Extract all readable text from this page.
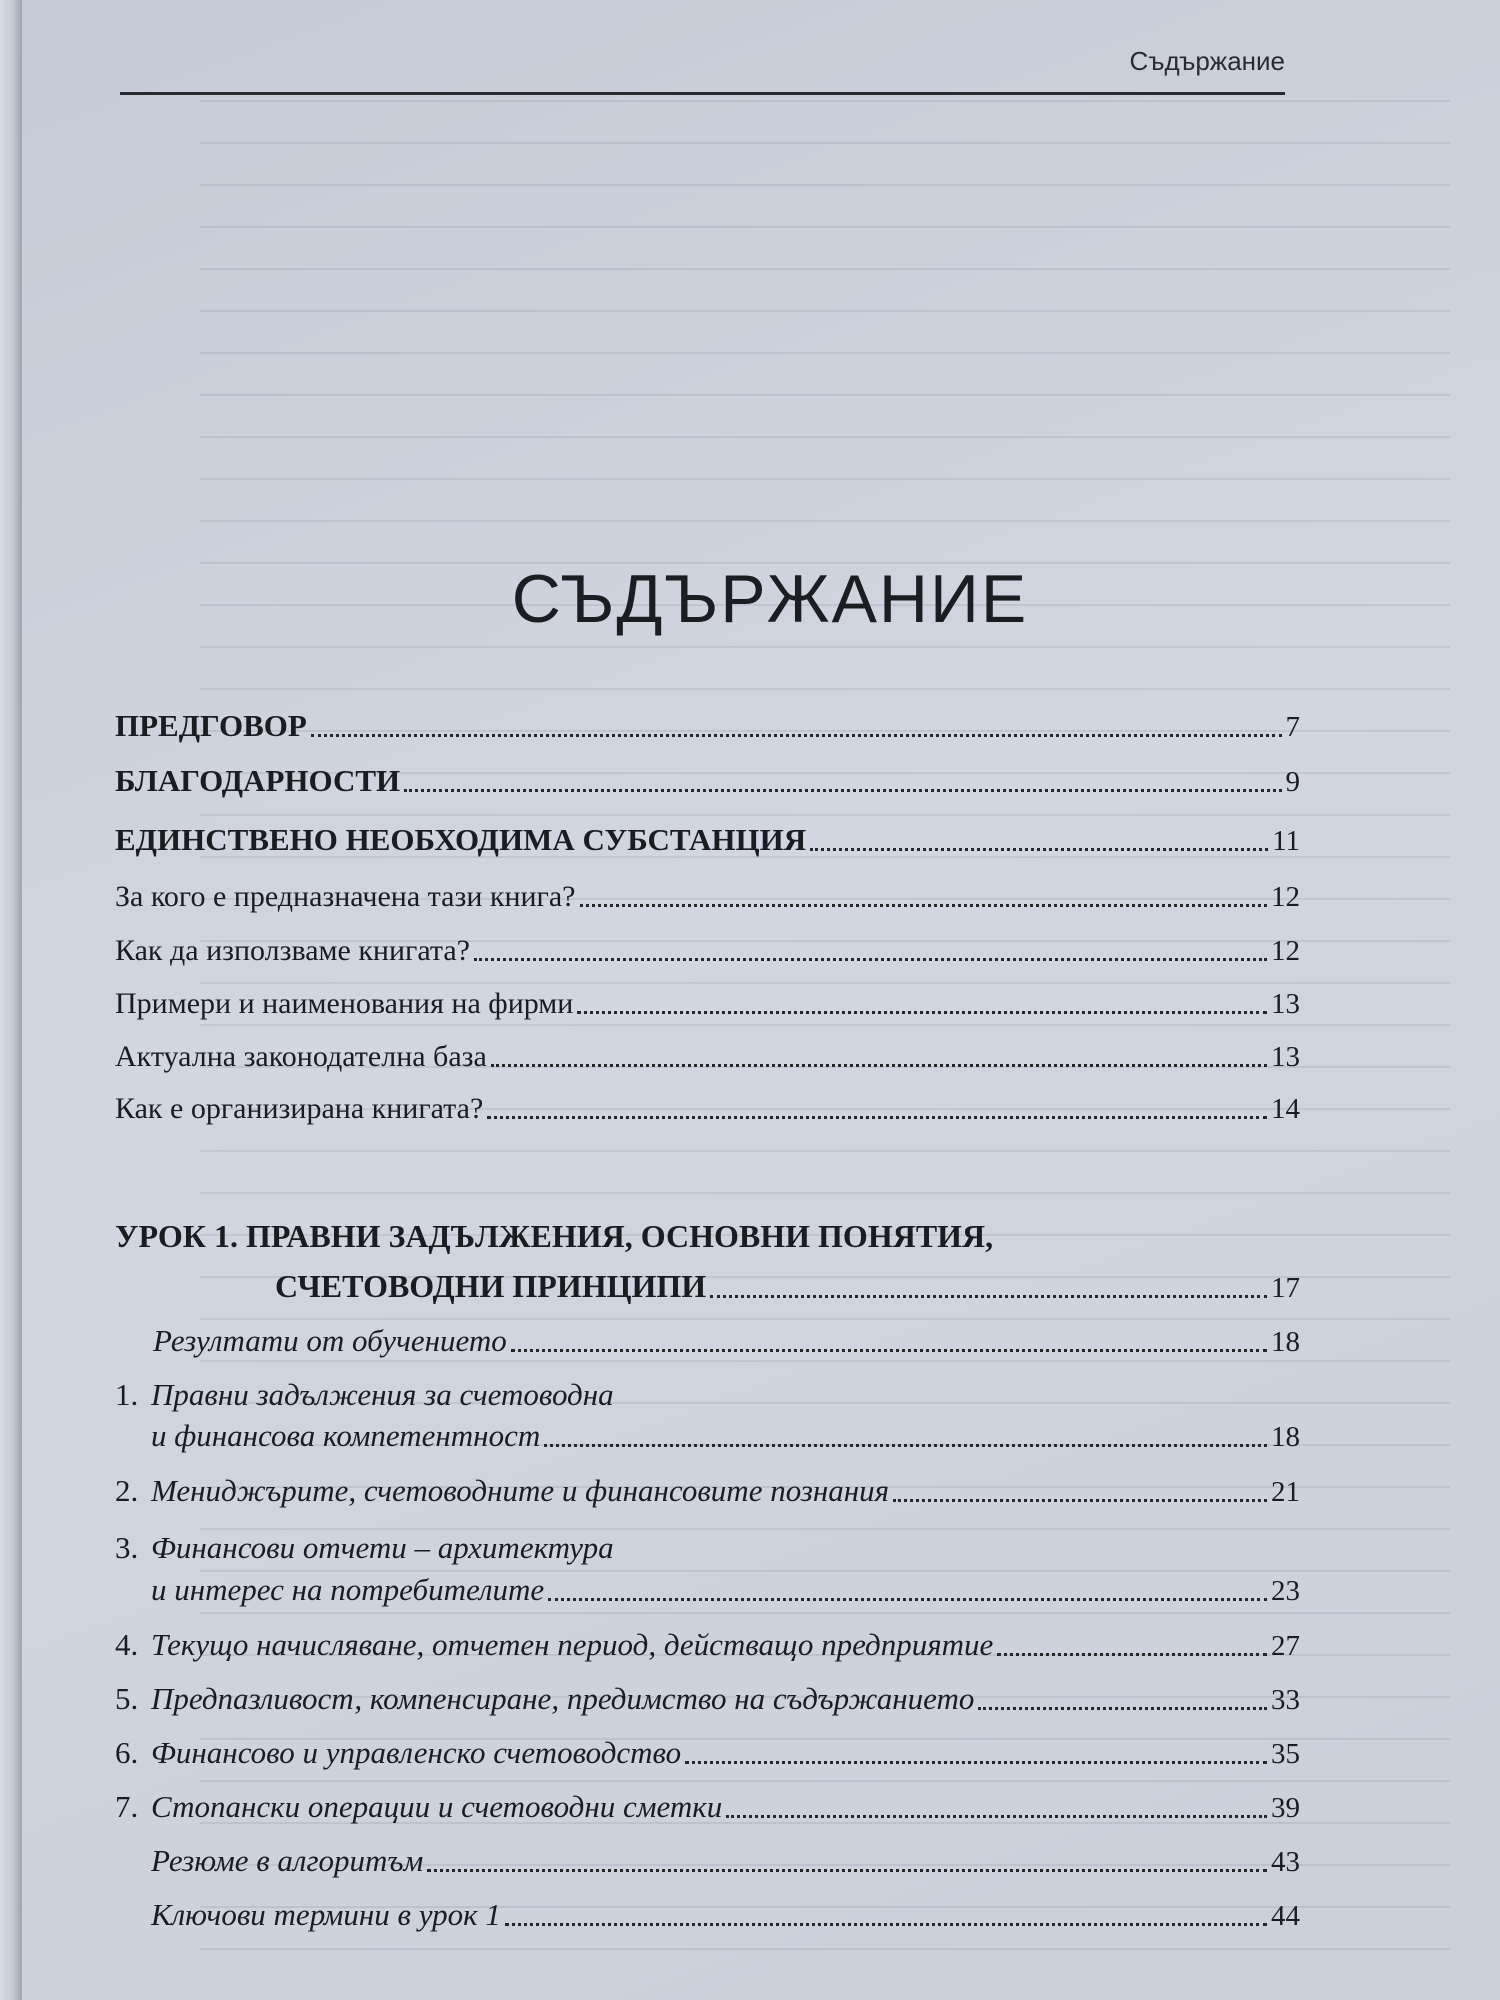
Съдържание
СЪДЪРЖАНИЕ
ПРЕДГОВОР	7
БЛАГОДАРНОСТИ	9
ЕДИНСТВЕНО НЕОБХОДИМА СУБСТАНЦИЯ	11
За кого е предназначена тази книга?	12
Как да използваме книгата?	12
Примери и наименования на фирми	13
Актуална законодателна база	13
Как е организирана книгата?	14
УРОК 1. ПРАВНИ ЗАДЪЛЖЕНИЯ, ОСНОВНИ ПОНЯТИЯ,
СЧЕТОВОДНИ ПРИНЦИПИ	17
Резултати от обучението	18
1. Правни задължения за счетоводна
и финансова компетентност	18
2. Мениджърите, счетоводните и финансовите познания	21
3. Финансови отчети – архитектура
и интерес на потребителите	23
4. Текущо начисляване, отчетен период, действащо предприятие	27
5. Предпазливост, компенсиране, предимство на съдържанието	33
6. Финансово и управленско счетоводство	35
7. Стопански операции и счетоводни сметки	39
Резюме в алгоритъм	43
Ключови термини в урок 1	44
